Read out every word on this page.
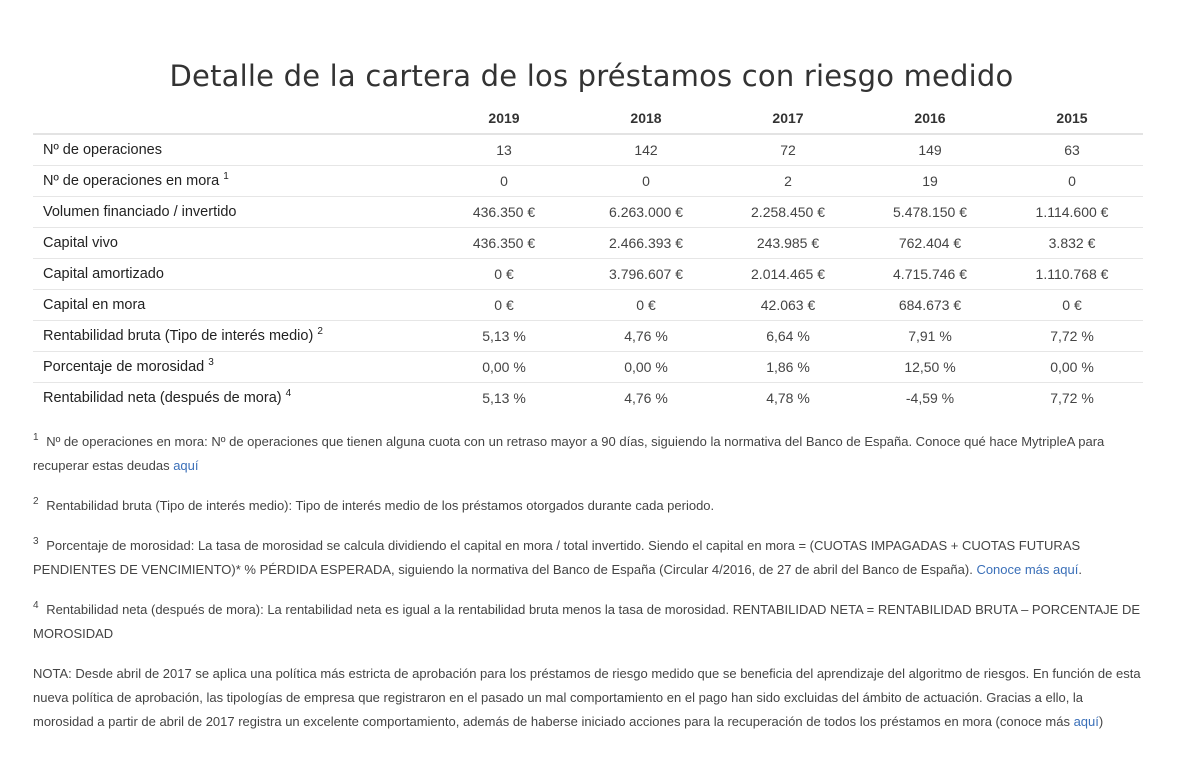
Detalle de la cartera de los préstamos con riesgo medido
	2019	2018	2017	2016	2015
Nº de operaciones	13	142	72	149	63
Nº de operaciones en mora $^1$	0	0	2	19	0
Volumen financiado / invertido	436.350 €	6.263.000 €	2.258.450 €	5.478.150 €	1.114.600 €
Capital vivo	436.350 €	2.466.393 €	243.985 €	762.404 €	3.832 €
Capital amortizado	0 €	3.796.607 €	2.014.465 €	4.715.746 €	1.110.768 €
Capital en mora	0 €	0 €	42.063 €	684.673 €	0 €
Rentabilidad bruta (Tipo de interés medio) $^2$	5,13 %	4,76 %	6,64 %	7,91 %	7,72 %
Porcentaje de morosidad $^3$	0,00 %	0,00 %	1,86 %	12,50 %	0,00 %
Rentabilidad neta (después de mora) $^4$	5,13 %	4,76 %	4,78 %	-4,59 %	7,72 %

$^1$ Nº de operaciones en mora: Nº de operaciones que tienen alguna cuota con un retraso mayor a 90 días, siguiendo la normativa del Banco de España. Conoce qué hace MytripleA para recuperar estas deudas aquí

$^2$ Rentabilidad bruta (Tipo de interés medio): Tipo de interés medio de los préstamos otorgados durante cada periodo.

$^3$ Porcentaje de morosidad: La tasa de morosidad se calcula dividiendo el capital en mora / total invertido. Siendo el capital en mora = (CUOTAS IMPAGADAS + CUOTAS FUTURAS PENDIENTES DE VENCIMIENTO)* % PÉRDIDA ESPERADA, siguiendo la normativa del Banco de España (Circular 4/2016, de 27 de abril del Banco de España). Conoce más aquí.

$^4$ Rentabilidad neta (después de mora): La rentabilidad neta es igual a la rentabilidad bruta menos la tasa de morosidad. RENTABILIDAD NETA = RENTABILIDAD BRUTA – PORCENTAJE DE MOROSIDAD

NOTA: Desde abril de 2017 se aplica una política más estricta de aprobación para los préstamos de riesgo medido que se beneficia del aprendizaje del algoritmo de riesgos. En función de esta nueva política de aprobación, las tipologías de empresa que registraron en el pasado un mal comportamiento en el pago han sido excluidas del ámbito de actuación. Gracias a ello, la morosidad a partir de abril de 2017 registra un excelente comportamiento, además de haberse iniciado acciones para la recuperación de todos los préstamos en mora (conoce más aquí)
